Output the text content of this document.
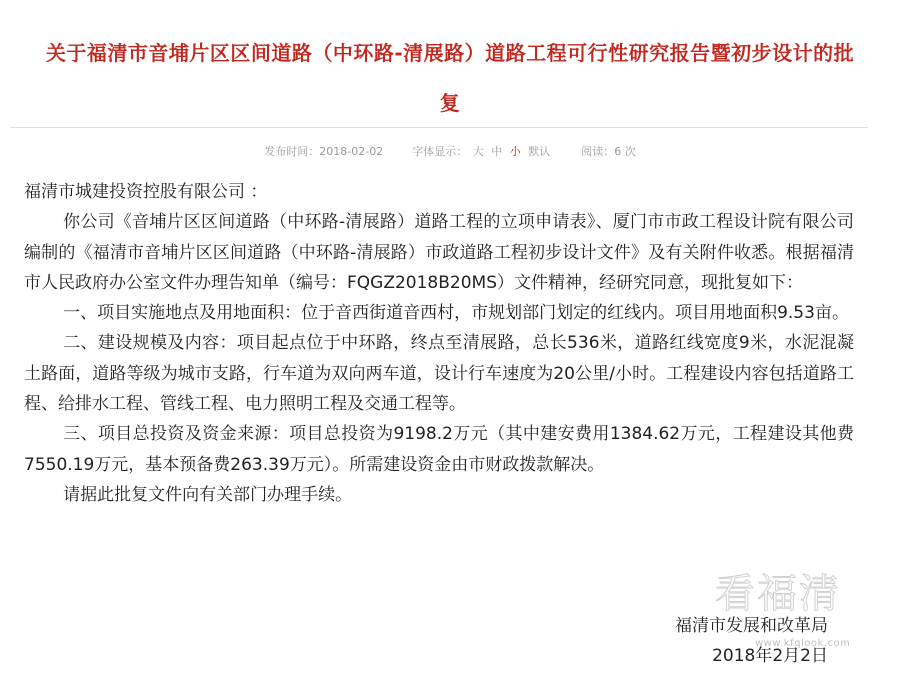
关于福清市音埔片区区间道路（中环路-清展路）道路工程可行性研究报告暨初步设计的批
复
发布时间：2018-02-02	字体显示： 大 中 小 默认	阅读：6 次

福清市城建投资控股有限公司 ：

你公司《音埔片区区间道路（中环路-清展路）道路工程的立项申请表》、厦门市市政工程设计院有限公司编制的《福清市音埔片区区间道路（中环路-清展路）市政道路工程初步设计文件》及有关附件收悉。根据福清市人民政府办公室文件办理告知单（编号：FQGZ2018B20MS）文件精神，经研究同意，现批复如下：

一、项目实施地点及用地面积：位于音西街道音西村，市规划部门划定的红线内。项目用地面积9.53亩。

二、建设规模及内容：项目起点位于中环路，终点至清展路，总长536米，道路红线宽度9米，水泥混凝土路面，道路等级为城市支路，行车道为双向两车道，设计行车速度为20公里/小时。工程建设内容包括道路工程、给排水工程、管线工程、电力照明工程及交通工程等。

三、项目总投资及资金来源：项目总投资为9198.2万元（其中建安费用1384.62万元，工程建设其他费7550.19万元，基本预备费263.39万元）。所需建设资金由市财政拨款解决。

请据此批复文件向有关部门办理手续。

看福清
www.kfqlook.com
福清市发展和改革局
2018年2月2日
